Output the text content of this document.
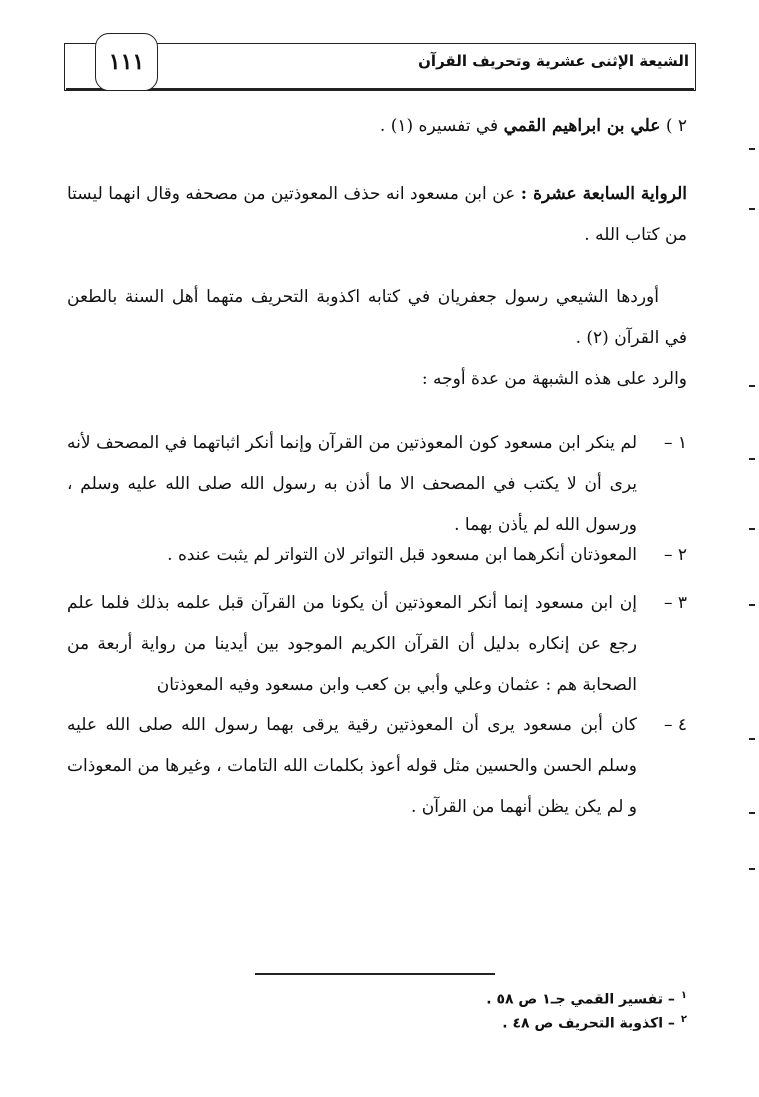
الشيعة الإثنى عشرية وتحريف القرآن
١١١
٢ ) علي بن ابراهيم القمي في تفسيره (١) .
الرواية السابعة عشرة : عن ابن مسعود انه حذف المعوذتين من مصحفه وقال انهما ليستا من كتاب الله .
أوردها الشيعي رسول جعفريان في كتابه اكذوبة التحريف متهما أهل السنة بالطعن في القرآن (٢) .
والرد على هذه الشبهة من عدة أوجه :
١ –
لم ينكر ابن مسعود كون المعوذتين من القرآن وإنما أنكر اثباتهما في المصحف لأنه يرى أن لا يكتب في المصحف الا ما أذن به رسول الله صلى الله عليه وسلم ، ورسول الله لم يأذن بهما .
٢ –
المعوذتان أنكرهما ابن مسعود قبل التواتر لان التواتر لم يثبت عنده .
٣ –
إن ابن مسعود إنما أنكر المعوذتين أن يكونا من القرآن قبل علمه بذلك فلما علم رجع عن إنكاره بدليل أن القرآن الكريم الموجود بين أيدينا من رواية أربعة من الصحابة هم : عثمان وعلي وأبي بن كعب وابن مسعود وفيه المعوذتان
٤ –
كان أبن مسعود يرى أن المعوذتين رقية يرقى بهما رسول الله صلى الله عليه وسلم الحسن والحسين مثل قوله أعوذ بكلمات الله التامات ، وغيرها من المعوذات و لم يكن يظن أنهما من القرآن .
$^١$– تفسير القمي جـ١ ص ٥٨ .
$^٢$– اكذوبة التحريف ص ٤٨ .
